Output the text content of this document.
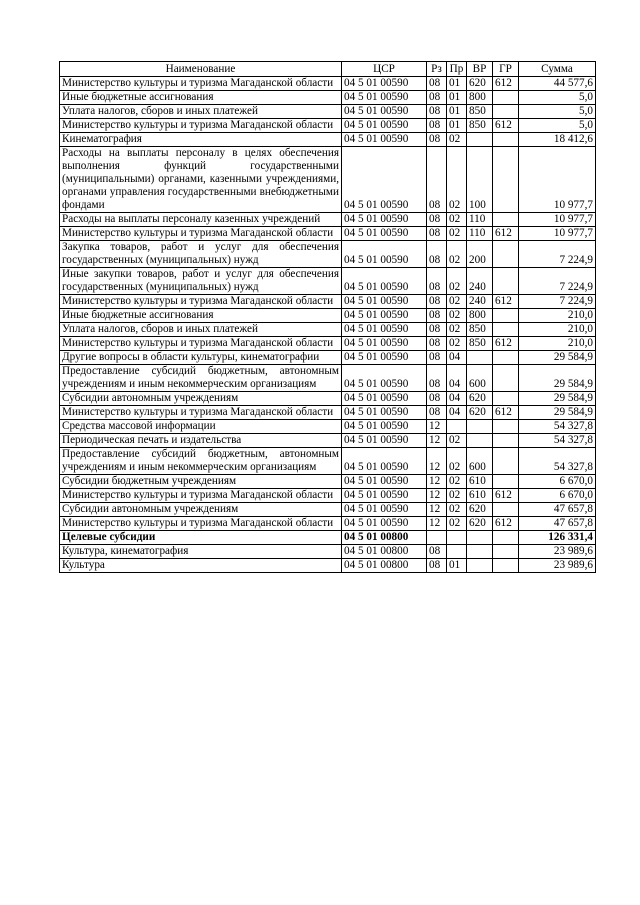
Наименование	ЦСР	Рз	Пр	ВР	ГР	Сумма
Министерство культуры и туризма Магаданской области	04 5 01 00590	08	01	620	612	44 577,6
Иные бюджетные ассигнования	04 5 01 00590	08	01	800		5,0
Уплата налогов, сборов и иных платежей	04 5 01 00590	08	01	850		5,0
Министерство культуры и туризма Магаданской области	04 5 01 00590	08	01	850	612	5,0
Кинематография	04 5 01 00590	08	02			18 412,6
Расходы на выплаты персоналу в целях обеспечения выполнения функций государственными (муниципальными) органами, казенными учреждениями, органами управления государственными внебюджетными фондами	04 5 01 00590	08	02	100		10 977,7
Расходы на выплаты персоналу казенных учреждений	04 5 01 00590	08	02	110		10 977,7
Министерство культуры и туризма Магаданской области	04 5 01 00590	08	02	110	612	10 977,7
Закупка товаров, работ и услуг для обеспечения государственных (муниципальных) нужд	04 5 01 00590	08	02	200		7 224,9
Иные закупки товаров, работ и услуг для обеспечения государственных (муниципальных) нужд	04 5 01 00590	08	02	240		7 224,9
Министерство культуры и туризма Магаданской области	04 5 01 00590	08	02	240	612	7 224,9
Иные бюджетные ассигнования	04 5 01 00590	08	02	800		210,0
Уплата налогов, сборов и иных платежей	04 5 01 00590	08	02	850		210,0
Министерство культуры и туризма Магаданской области	04 5 01 00590	08	02	850	612	210,0
Другие вопросы в области культуры, кинематографии	04 5 01 00590	08	04			29 584,9
Предоставление субсидий бюджетным, автономным учреждениям и иным некоммерческим организациям	04 5 01 00590	08	04	600		29 584,9
Субсидии автономным учреждениям	04 5 01 00590	08	04	620		29 584,9
Министерство культуры и туризма Магаданской области	04 5 01 00590	08	04	620	612	29 584,9
Средства массовой информации	04 5 01 00590	12				54 327,8
Периодическая печать и издательства	04 5 01 00590	12	02			54 327,8
Предоставление субсидий бюджетным, автономным учреждениям и иным некоммерческим организациям	04 5 01 00590	12	02	600		54 327,8
Субсидии бюджетным учреждениям	04 5 01 00590	12	02	610		6 670,0
Министерство культуры и туризма Магаданской области	04 5 01 00590	12	02	610	612	6 670,0
Субсидии автономным учреждениям	04 5 01 00590	12	02	620		47 657,8
Министерство культуры и туризма Магаданской области	04 5 01 00590	12	02	620	612	47 657,8
Целевые субсидии	04 5 01 00800					126 331,4
Культура, кинематография	04 5 01 00800	08				23 989,6
Культура	04 5 01 00800	08	01			23 989,6
